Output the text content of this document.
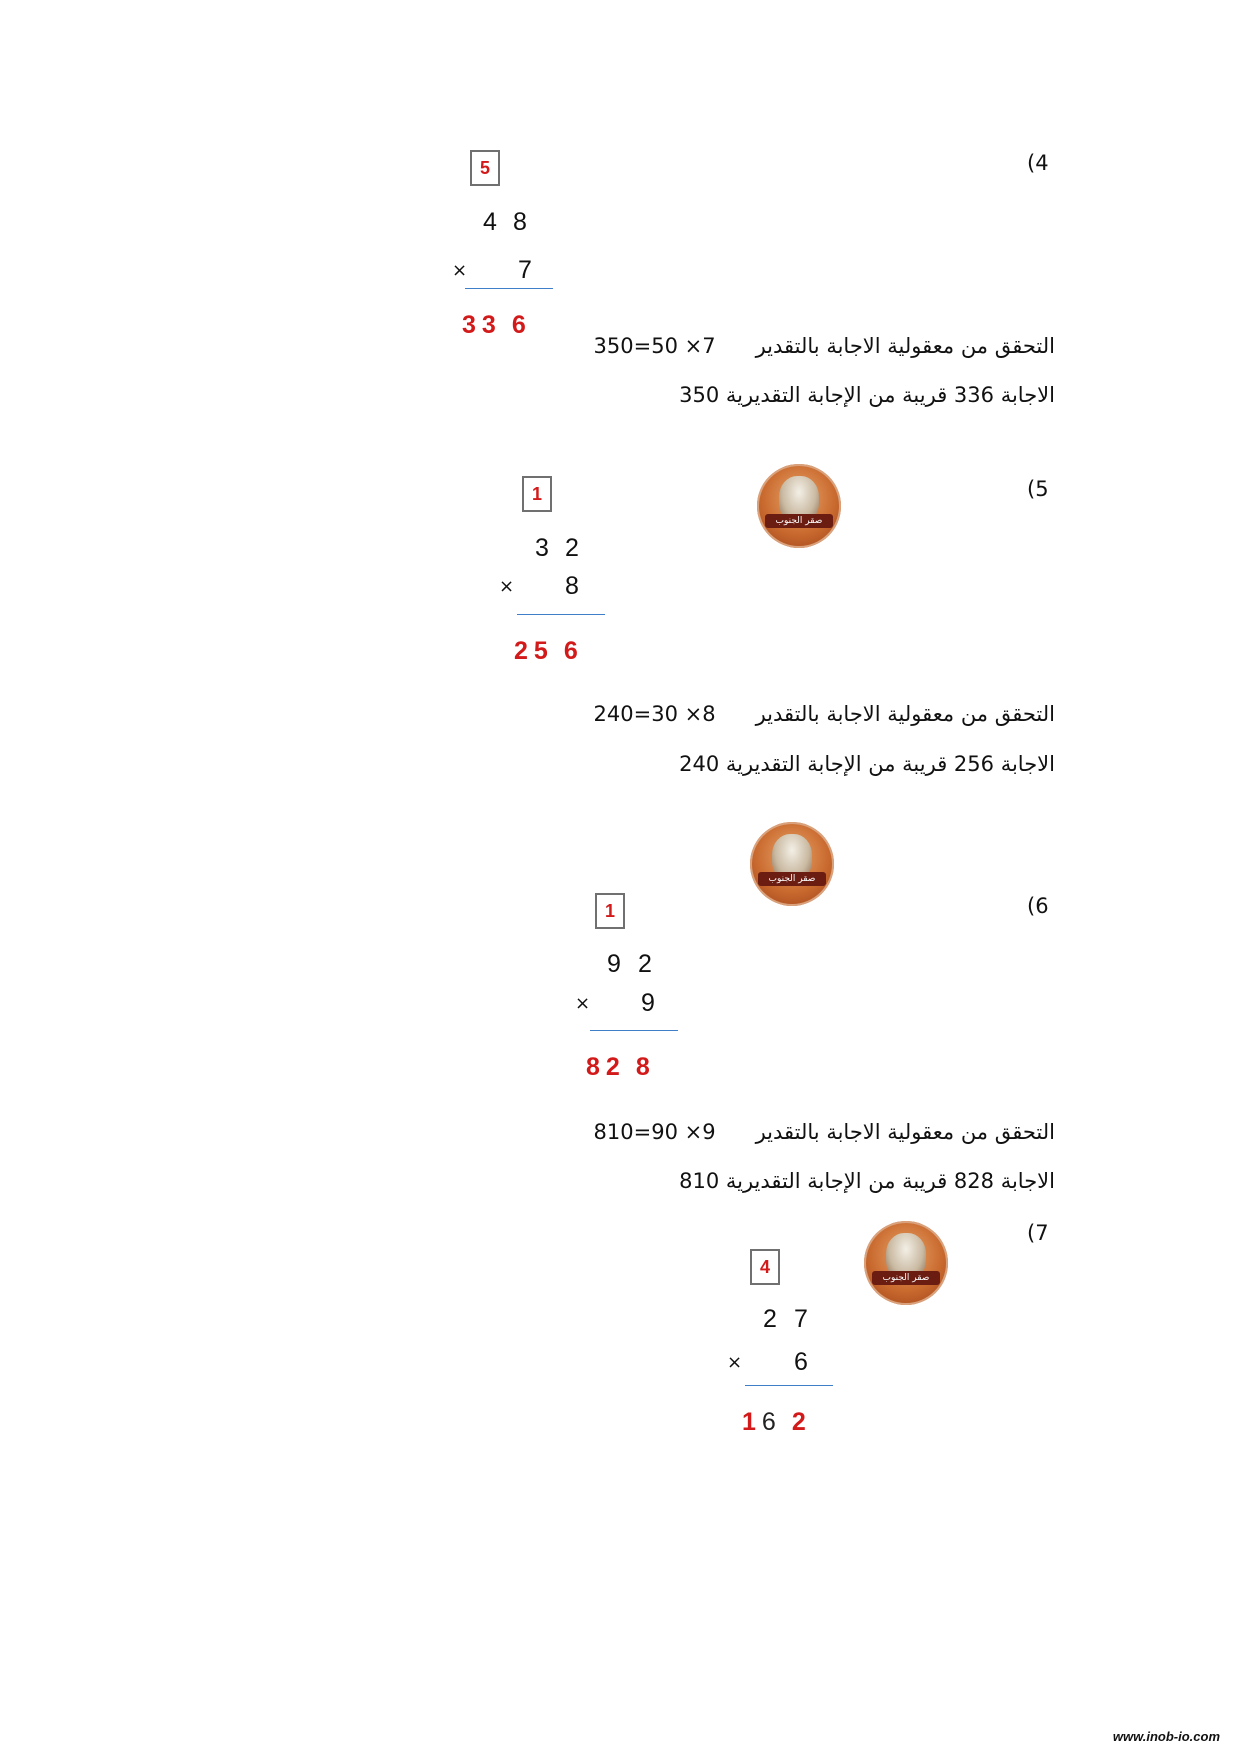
(4
5
4 8
× 7
3 3 6
التحقق من معقولية الاجابة بالتقدير350=50 ×7
الاجابة 336 قريبة من الإجابة التقديرية 350
(5
صقر الجنوب
1
3 2
× 8
2 5 6
التحقق من معقولية الاجابة بالتقدير240=30 ×8
الاجابة 256 قريبة من الإجابة التقديرية 240
صقر الجنوب
(6
1
9 2
× 9
8 2 8
التحقق من معقولية الاجابة بالتقدير810=90 ×9
الاجابة 828 قريبة من الإجابة التقديرية 810
(7
صقر الجنوب
4
2 7
× 6
1 6 2
www.inob-io.com
